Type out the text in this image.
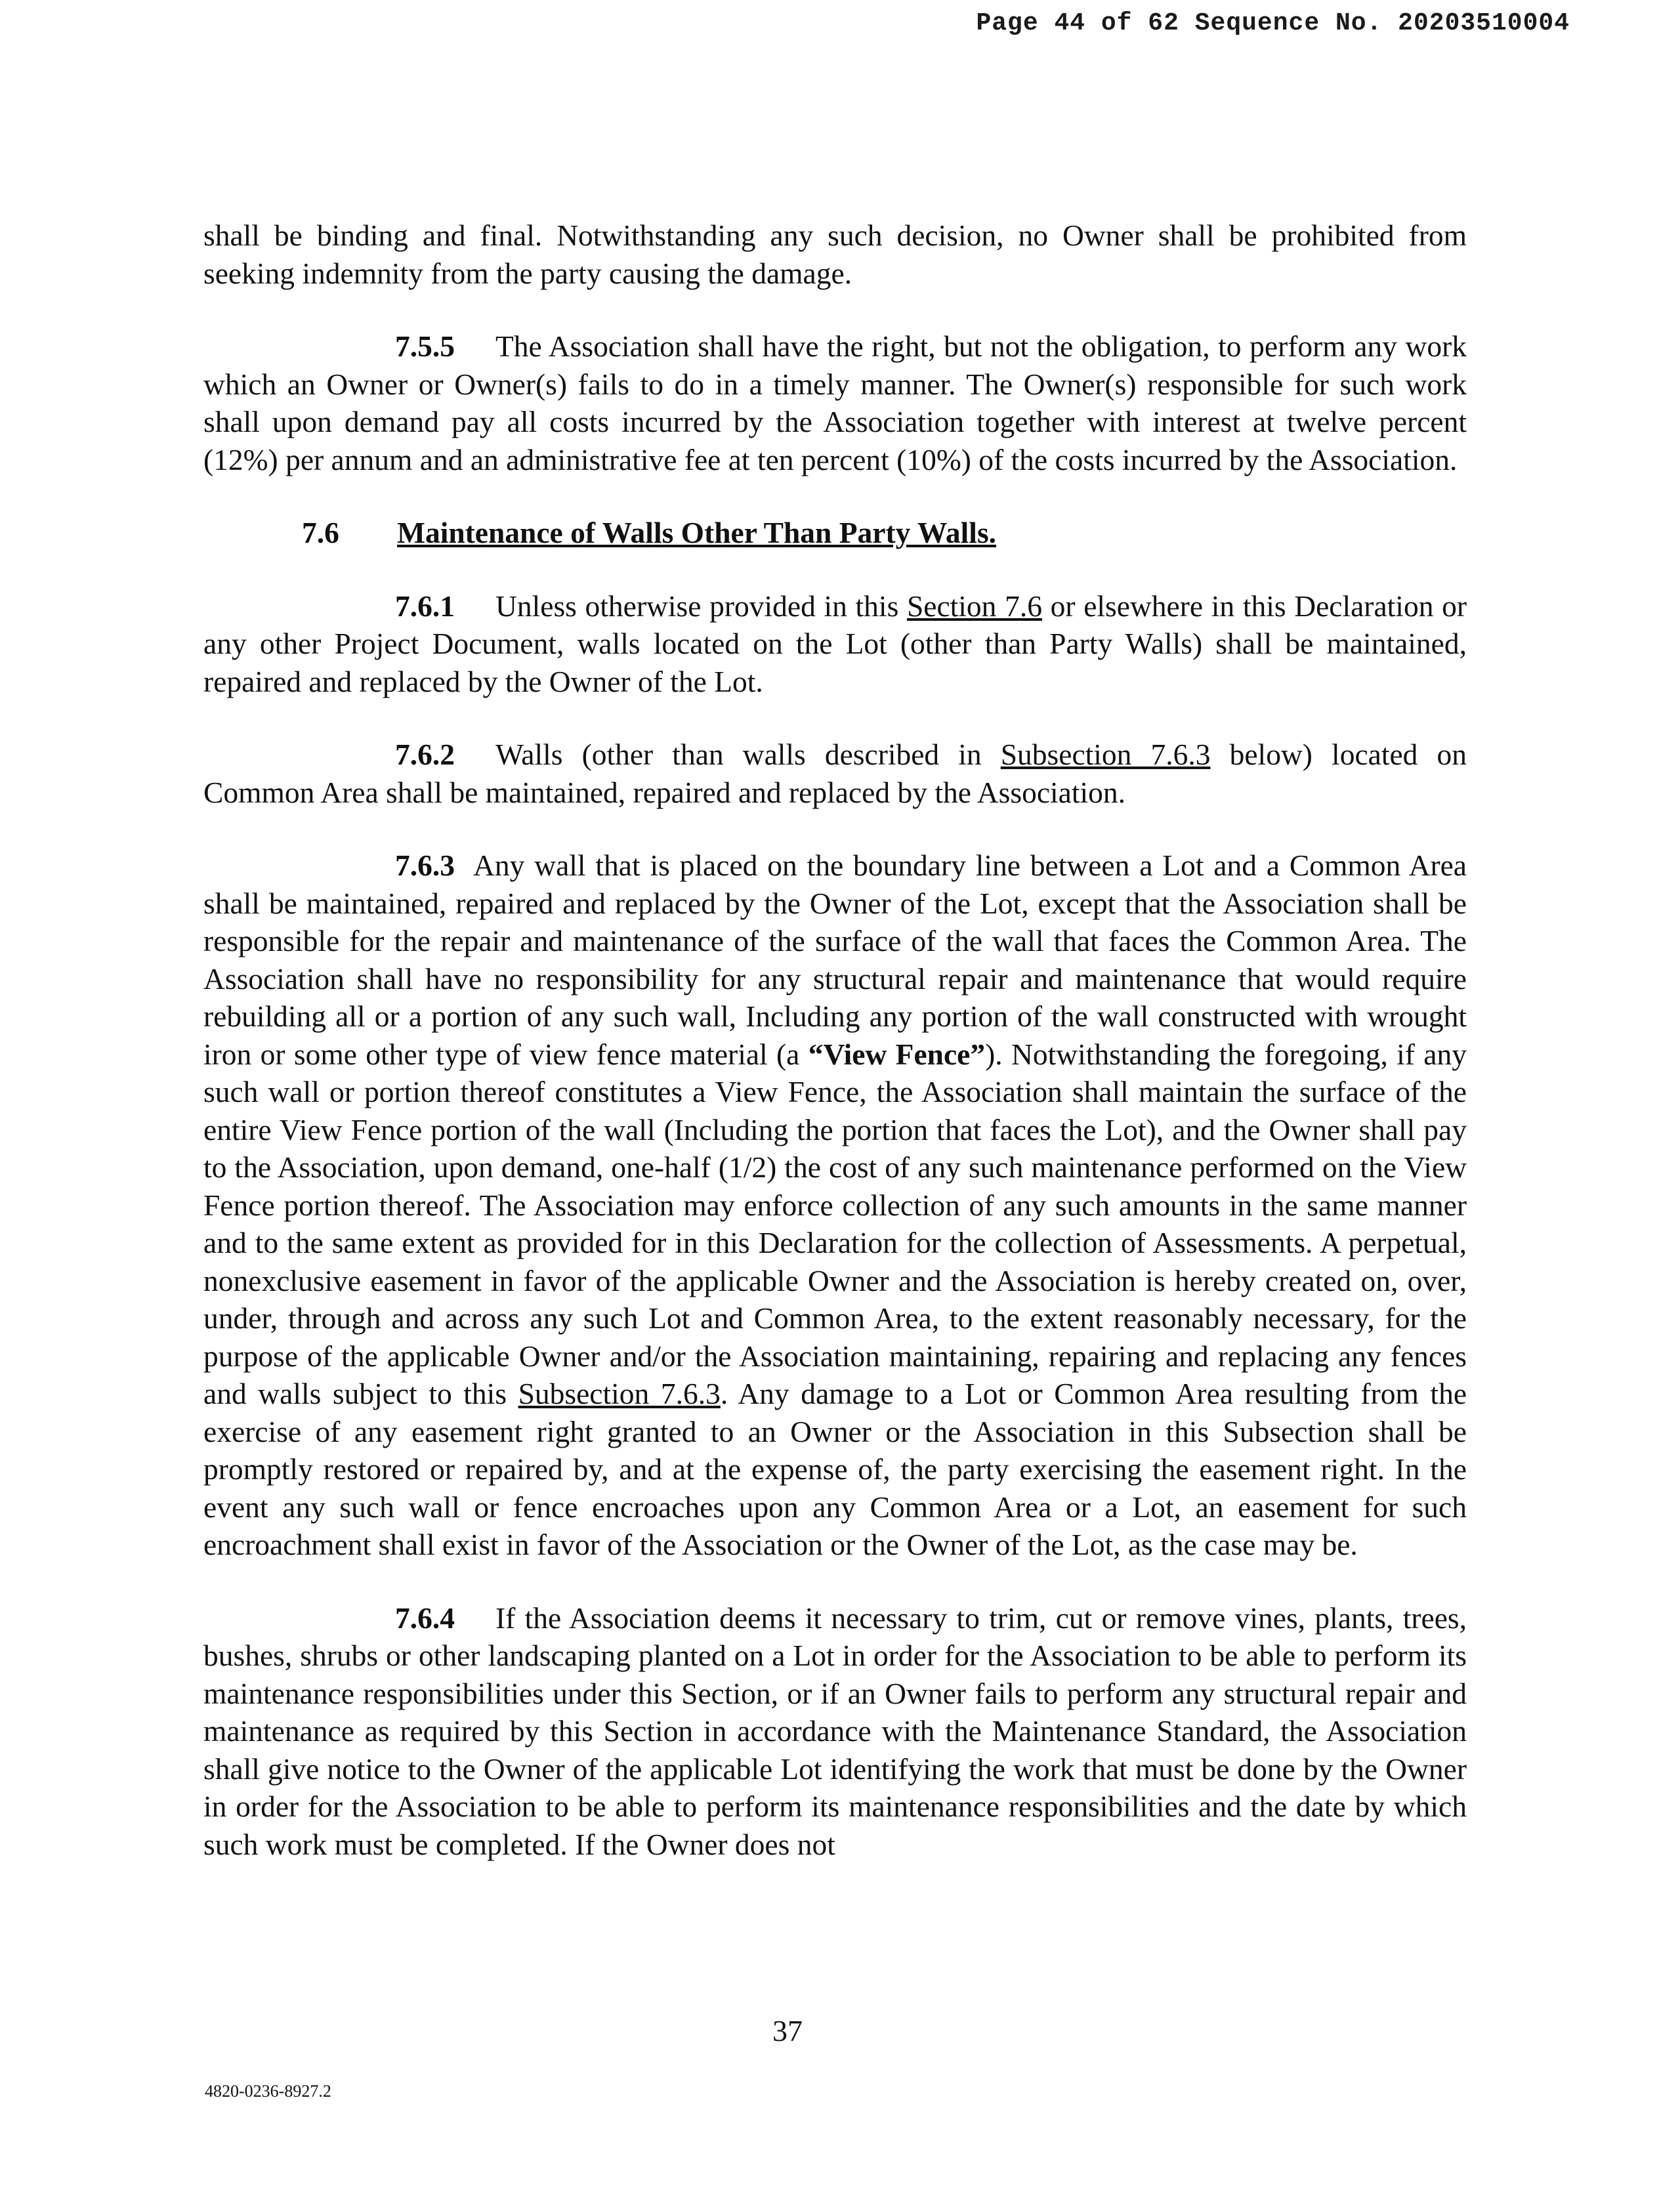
Page 44 of 62 Sequence No. 20203510004

shall be binding and final. Notwithstanding any such decision, no Owner shall be prohibited from seeking indemnity from the party causing the damage.

7.5.5 The Association shall have the right, but not the obligation, to perform any work which an Owner or Owner(s) fails to do in a timely manner. The Owner(s) responsible for such work shall upon demand pay all costs incurred by the Association together with interest at twelve percent (12%) per annum and an administrative fee at ten percent (10%) of the costs incurred by the Association.

7.6 Maintenance of Walls Other Than Party Walls.

7.6.1 Unless otherwise provided in this Section 7.6 or elsewhere in this Declaration or any other Project Document, walls located on the Lot (other than Party Walls) shall be maintained, repaired and replaced by the Owner of the Lot.

7.6.2 Walls (other than walls described in Subsection 7.6.3 below) located on Common Area shall be maintained, repaired and replaced by the Association.

7.6.3 Any wall that is placed on the boundary line between a Lot and a Common Area shall be maintained, repaired and replaced by the Owner of the Lot, except that the Association shall be responsible for the repair and maintenance of the surface of the wall that faces the Common Area. The Association shall have no responsibility for any structural repair and maintenance that would require rebuilding all or a portion of any such wall, Including any portion of the wall constructed with wrought iron or some other type of view fence material (a “View Fence”). Notwithstanding the foregoing, if any such wall or portion thereof constitutes a View Fence, the Association shall maintain the surface of the entire View Fence portion of the wall (Including the portion that faces the Lot), and the Owner shall pay to the Association, upon demand, one-half (1/2) the cost of any such maintenance performed on the View Fence portion thereof. The Association may enforce collection of any such amounts in the same manner and to the same extent as provided for in this Declaration for the collection of Assessments. A perpetual, nonexclusive easement in favor of the applicable Owner and the Association is hereby created on, over, under, through and across any such Lot and Common Area, to the extent reasonably necessary, for the purpose of the applicable Owner and/or the Association maintaining, repairing and replacing any fences and walls subject to this Subsection 7.6.3. Any damage to a Lot or Common Area resulting from the exercise of any easement right granted to an Owner or the Association in this Subsection shall be promptly restored or repaired by, and at the expense of, the party exercising the easement right. In the event any such wall or fence encroaches upon any Common Area or a Lot, an easement for such encroachment shall exist in favor of the Association or the Owner of the Lot, as the case may be.

7.6.4 If the Association deems it necessary to trim, cut or remove vines, plants, trees, bushes, shrubs or other landscaping planted on a Lot in order for the Association to be able to perform its maintenance responsibilities under this Section, or if an Owner fails to perform any structural repair and maintenance as required by this Section in accordance with the Maintenance Standard, the Association shall give notice to the Owner of the applicable Lot identifying the work that must be done by the Owner in order for the Association to be able to perform its maintenance responsibilities and the date by which such work must be completed. If the Owner does not

37
4820-0236-8927.2
